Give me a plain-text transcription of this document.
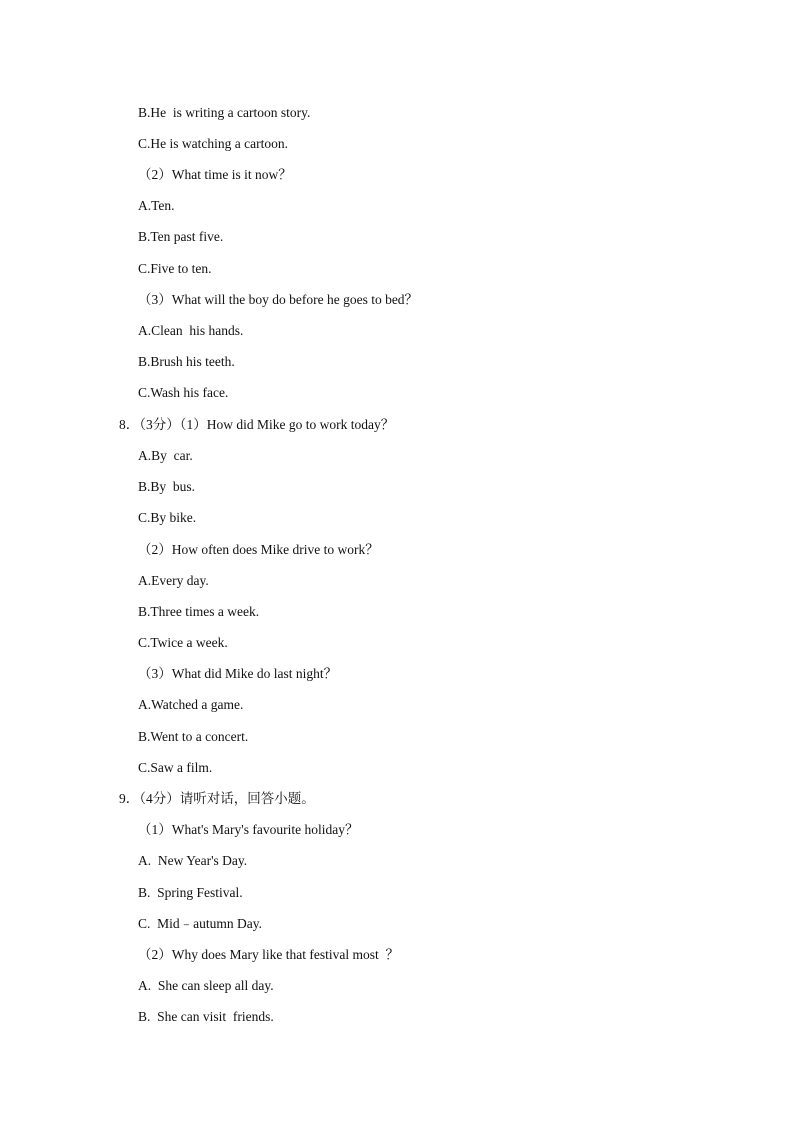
B.He  is writing a cartoon story.
C.He is watching a cartoon.
（2）What time is it now？
A.Ten.
B.Ten past five.
C.Five to ten.
（3）What will the boy do before he goes to bed？
A.Clean  his hands.
B.Brush his teeth.
C.Wash his face.
8．（3分）（1）How did Mike go to work today？
A.By  car.
B.By  bus.
C.By bike.
（2）How often does Mike drive to work？
A.Every day.
B.Three times a week.
C.Twice a week.
（3）What did Mike do last night？
A.Watched a game.
B.Went to a concert.
C.Saw a film.
9．（4分）请听对话，回答小题。
（1）What's Mary's favourite holiday？
A.  New Year's Day.
B.  Spring Festival.
C.  Mid﹣autumn Day.
（2）Why does Mary like that festival most  ？
A.  She can sleep all day.
B.  She can visit  friends.
